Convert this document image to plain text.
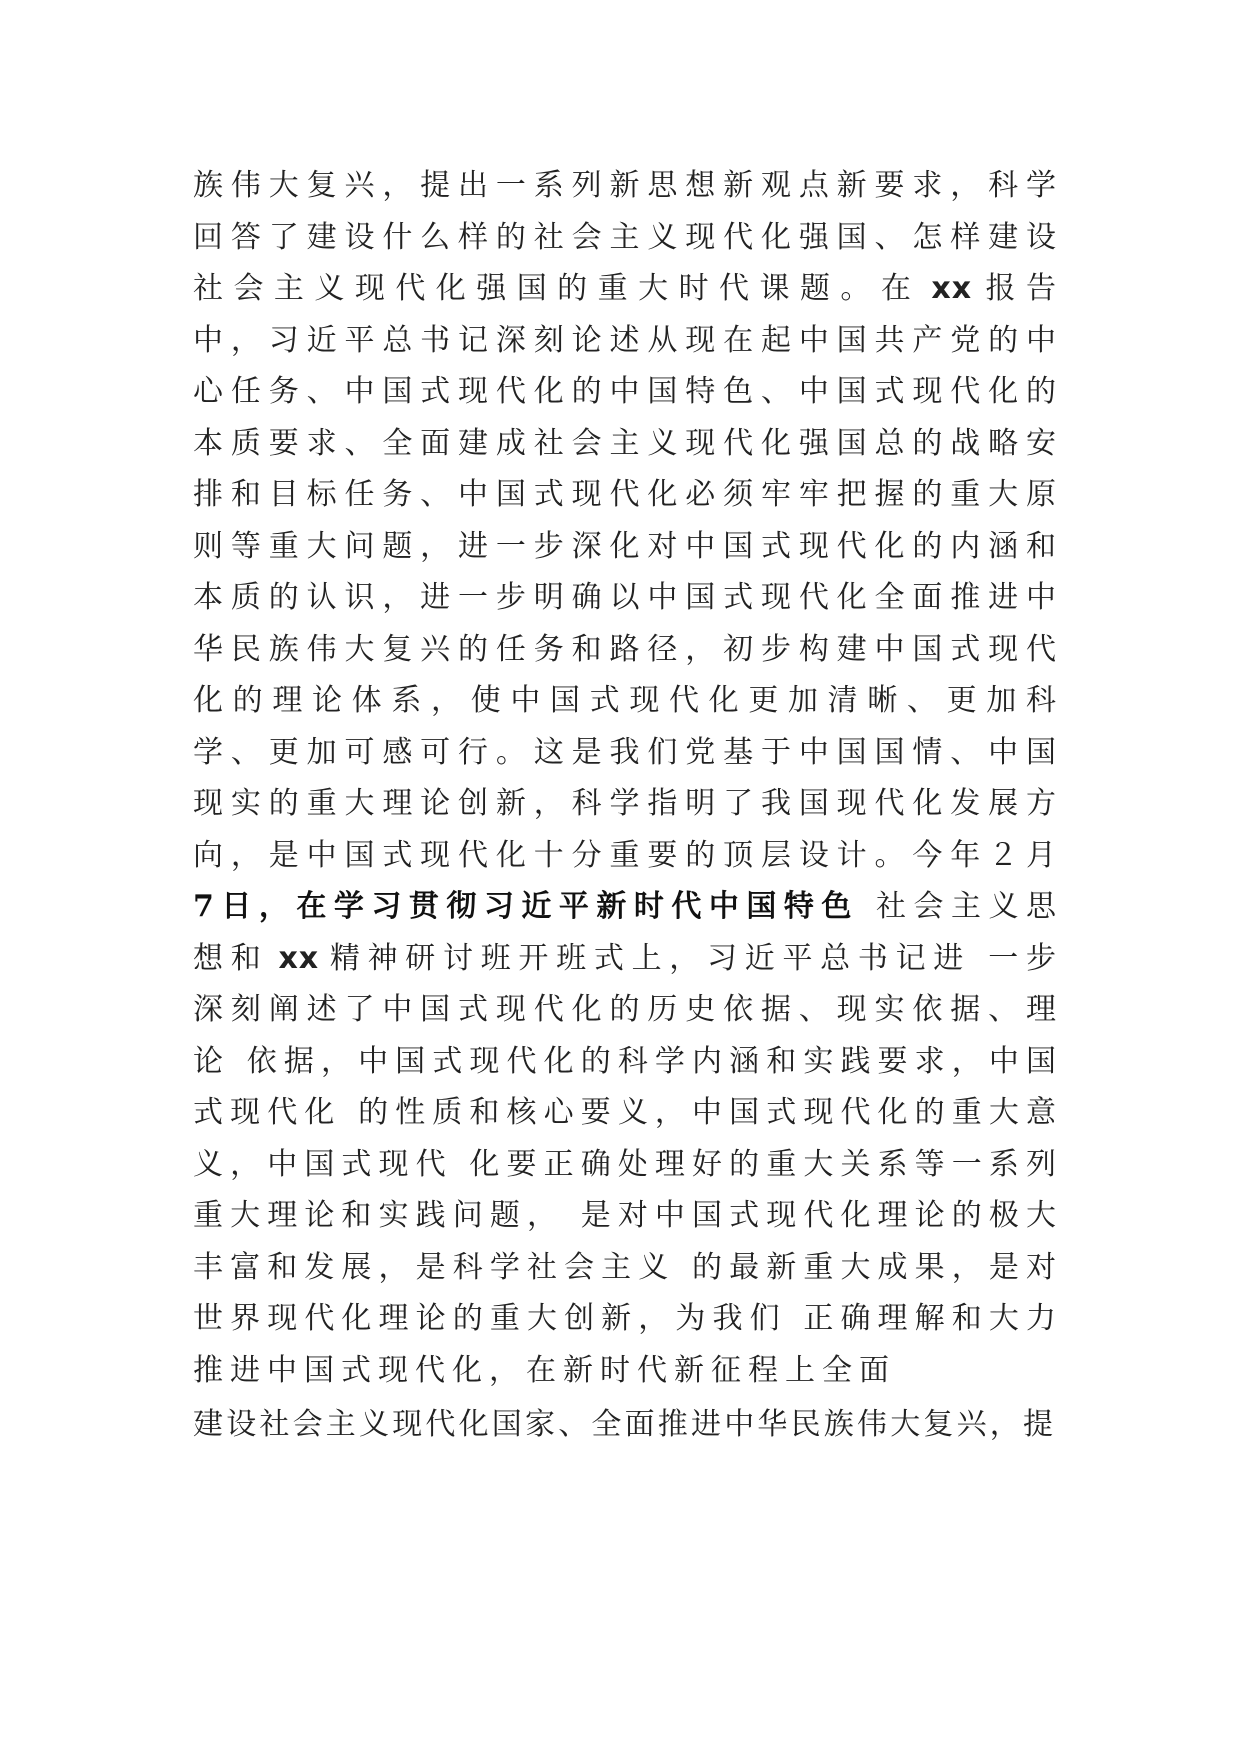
族伟大复兴，提出一系列新思想新观点新要求，科学回答了建设什么样的社会主义现代化强国、怎样建设社会主义现代化强国的重大时代课题。在 xx 报告中，习近平总书记深刻论述从现在起中国共产党的中心任务、中国式现代化的中国特色、中国式现代化的本质要求、全面建成社会主义现代化强国总的战略安排和目标任务、中国式现代化必须牢牢把握的重大原则等重大问题，进一步深化对中国式现代化的内涵和本质的认识，进一步明确以中国式现代化全面推进中华民族伟大复兴的任务和路径，初步构建中国式现代化的理论体系，使中国式现代化更加清晰、更加科学、更加可感可行。这是我们党基于中国国情、中国现实的重大理论创新，科学指明了我国现代化发展方向，是中国式现代化十分重要的顶层设计。今年２月7日，在学习贯彻习近平新时代中国特色 社会主义思想和 xx 精神研讨班开班式上，习近平总书记进 一步深刻阐述了中国式现代化的历史依据、现实依据、理论 依据，中国式现代化的科学内涵和实践要求，中国式现代化 的性质和核心要义，中国式现代化的重大意义，中国式现代 化要正确处理好的重大关系等一系列重大理论和实践问题， 是对中国式现代化理论的极大丰富和发展，是科学社会主义 的最新重大成果，是对世界现代化理论的重大创新，为我们 正确理解和大力推进中国式现代化，在新时代新征程上全面

建设社会主义现代化国家、全面推进中华民族伟大复兴，提
